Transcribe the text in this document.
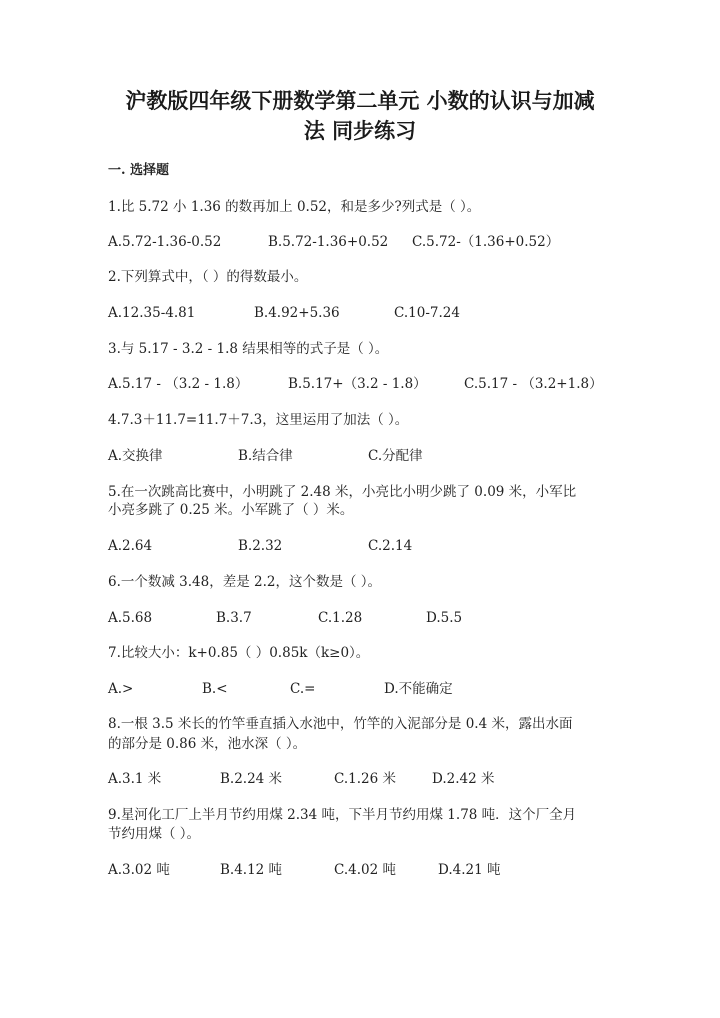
沪教版四年级下册数学第二单元 小数的认识与加减
法 同步练习
一. 选择题
1.比 5.72 小 1.36 的数再加上 0.52，和是多少?列式是（ ）。
A.5.72-1.36-0.52	B.5.72-1.36+0.52 C.5.72-（1.36+0.52）
2.下列算式中，（ ）的得数最小。
A.12.35-4.81	B.4.92+5.36	C.10-7.24
3.与 5.17 - 3.2 - 1.8 结果相等的式子是（ ）。
A.5.17 - （3.2 - 1.8）	B.5.17+（3.2 - 1.8）	C.5.17 - （3.2+1.8）
4.7.3＋11.7=11.7＋7.3，这里运用了加法（ ）。
A.交换律	B.结合律	C.分配律
5.在一次跳高比赛中，小明跳了 2.48 米，小亮比小明少跳了 0.09 米，小军比
小亮多跳了 0.25 米。小军跳了（ ）米。
A.2.64	B.2.32	C.2.14
6.一个数减 3.48，差是 2.2，这个数是（ ）。
A.5.68	B.3.7	C.1.28	D.5.5
7.比较大小：k+0.85（ ）0.85k（k≥0）。
A.>	B.<	C.=	D.不能确定
8.一根 3.5 米长的竹竿垂直插入水池中，竹竿的入泥部分是 0.4 米，露出水面
的部分是 0.86 米，池水深（ ）。
A.3.1 米	B.2.24 米	C.1.26 米	D.2.42 米
9.星河化工厂上半月节约用煤 2.34 吨，下半月节约用煤 1.78 吨．这个厂全月
节约用煤（ ）。
A.3.02 吨	B.4.12 吨	C.4.02 吨	D.4.21 吨
